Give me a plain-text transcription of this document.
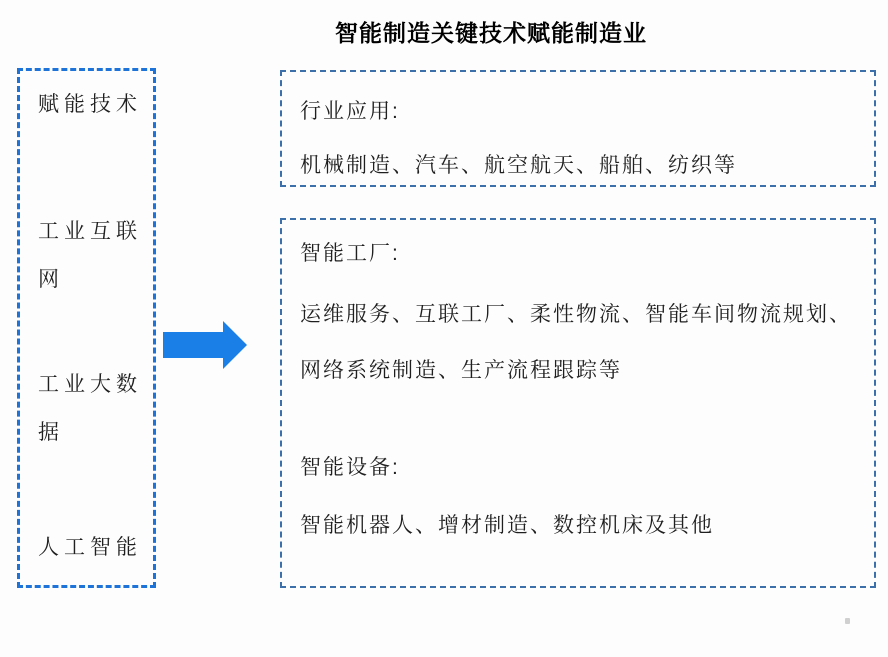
智能制造关键技术赋能制造业
赋能技术
工业互联网
工业大数据
人工智能
行业应用:
机械制造、汽车、航空航天、船舶、纺织等
智能工厂:
运维服务、互联工厂、柔性物流、智能车间物流规划、
网络系统制造、生产流程跟踪等
智能设备:
智能机器人、增材制造、数控机床及其他
